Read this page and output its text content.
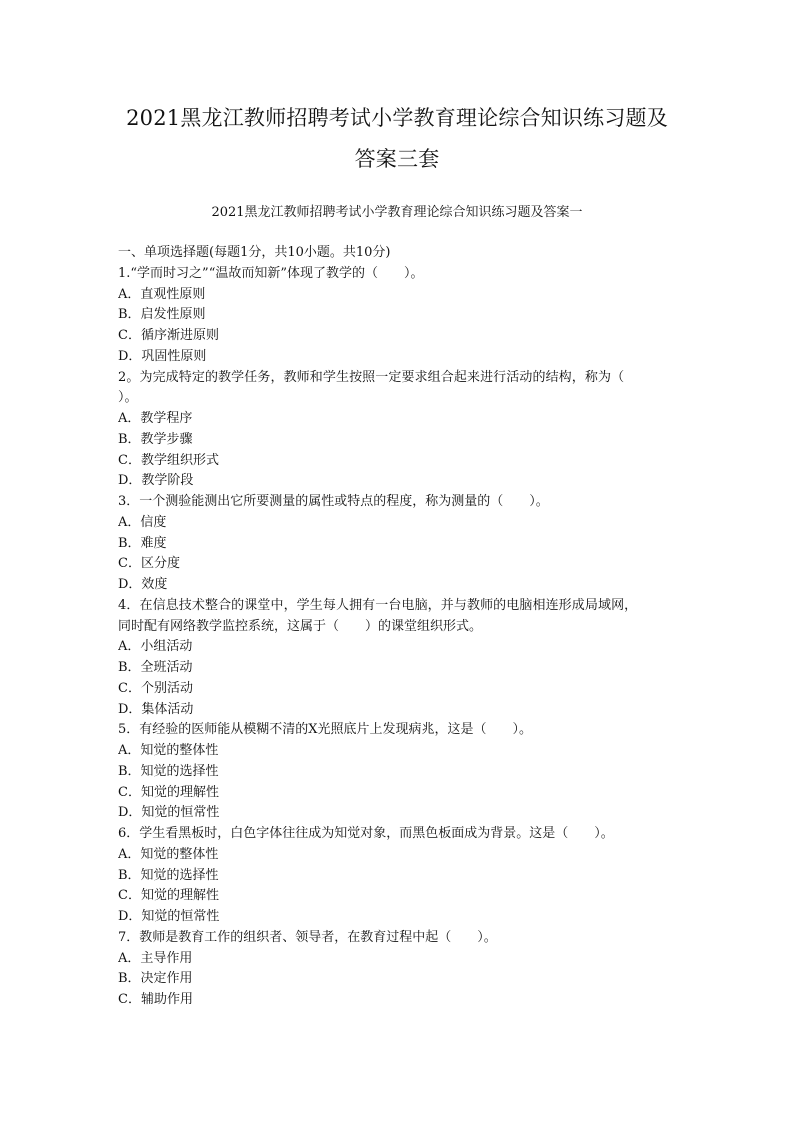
2021黑龙江教师招聘考试小学教育理论综合知识练习题及
答案三套
2021黑龙江教师招聘考试小学教育理论综合知识练习题及答案一
一、单项选择题(每题1分，共10小题。共10分)
1.“学而时习之”“温故而知新”体现了教学的（　　）。
A．直观性原则
B．启发性原则
C．循序渐进原则
D．巩固性原则
2。为完成特定的教学任务，教师和学生按照一定要求组合起来进行活动的结构，称为（
）。
A．教学程序
B．教学步骤
C．教学组织形式
D．教学阶段
3．一个测验能测出它所要测量的属性或特点的程度，称为测量的（　　）。
A．信度
B．难度
C．区分度
D．效度
4．在信息技术整合的课堂中，学生每人拥有一台电脑，并与教师的电脑相连形成局域网，
同时配有网络教学监控系统，这属于（　　）的课堂组织形式。
A．小组活动
B．全班活动
C．个别活动
D．集体活动
5．有经验的医师能从模糊不清的X光照底片上发现病兆，这是（　　）。
A．知觉的整体性
B．知觉的选择性
C．知觉的理解性
D．知觉的恒常性
6．学生看黑板时，白色字体往往成为知觉对象，而黑色板面成为背景。这是（　　）。
A．知觉的整体性
B．知觉的选择性
C．知觉的理解性
D．知觉的恒常性
7．教师是教育工作的组织者、领导者，在教育过程中起（　　）。
A．主导作用
B．决定作用
C．辅助作用
